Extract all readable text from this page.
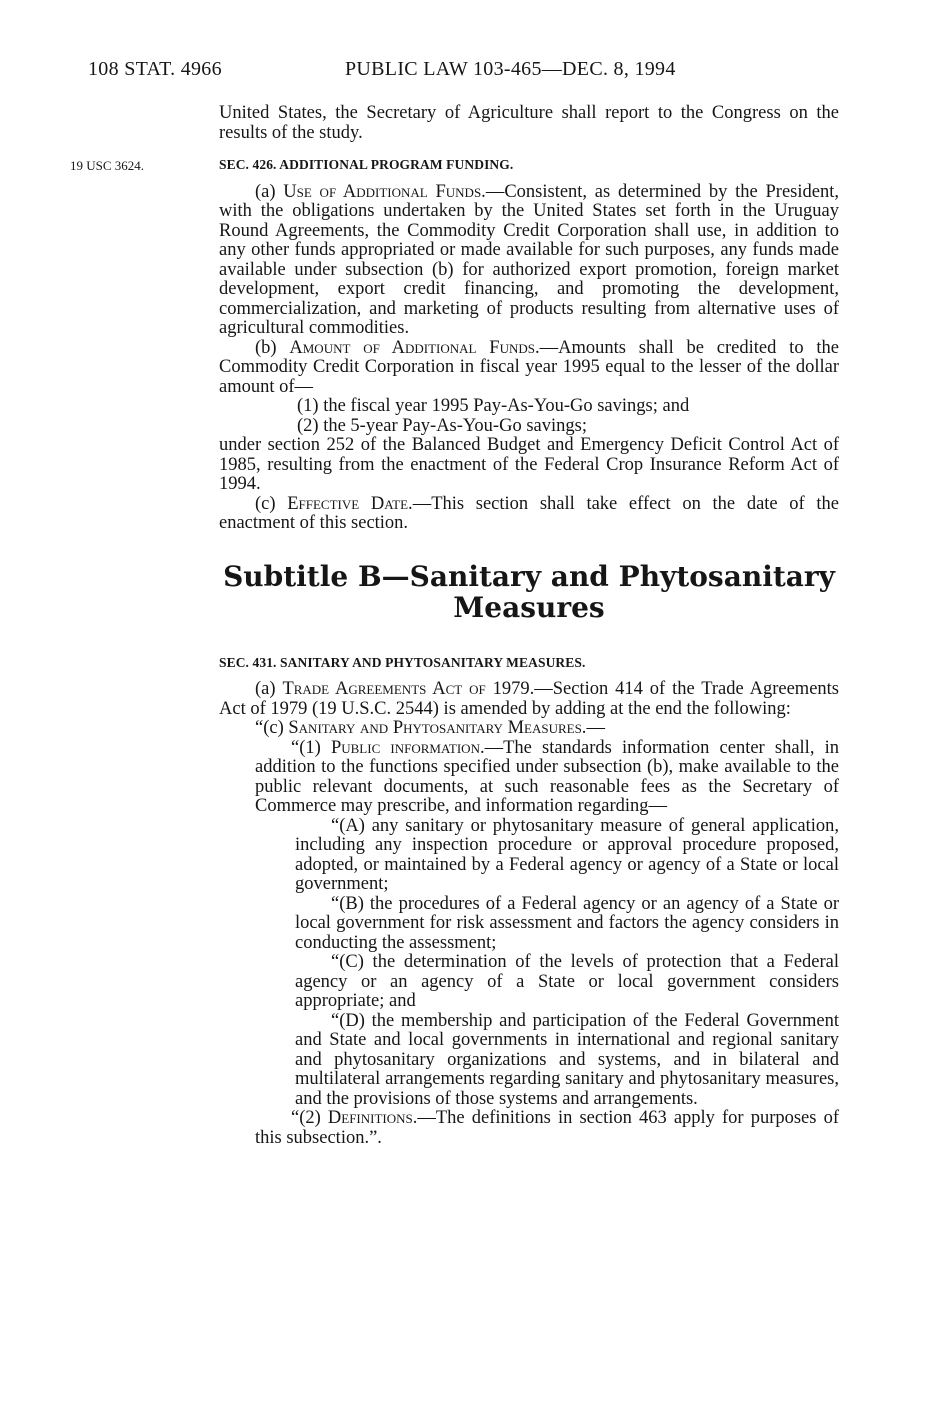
108 STAT. 4966	PUBLIC LAW 103-465—DEC. 8, 1994
19 USC 3624.

United States, the Secretary of Agriculture shall report to the Congress on the results of the study.

SEC. 426. ADDITIONAL PROGRAM FUNDING.

(a) Use of Additional Funds.—Consistent, as determined by the President, with the obligations undertaken by the United States set forth in the Uruguay Round Agreements, the Commodity Credit Corporation shall use, in addition to any other funds appropriated or made available for such purposes, any funds made available under subsection (b) for authorized export promotion, foreign market development, export credit financing, and promoting the development, commercialization, and marketing of products resulting from alternative uses of agricultural commodities.

(b) Amount of Additional Funds.—Amounts shall be credited to the Commodity Credit Corporation in fiscal year 1995 equal to the lesser of the dollar amount of—

(1) the fiscal year 1995 Pay-As-You-Go savings; and

(2) the 5-year Pay-As-You-Go savings;

under section 252 of the Balanced Budget and Emergency Deficit Control Act of 1985, resulting from the enactment of the Federal Crop Insurance Reform Act of 1994.

(c) Effective Date.—This section shall take effect on the date of the enactment of this section.

Subtitle B—Sanitary and Phytosanitary Measures

SEC. 431. SANITARY AND PHYTOSANITARY MEASURES.

(a) Trade Agreements Act of 1979.—Section 414 of the Trade Agreements Act of 1979 (19 U.S.C. 2544) is amended by adding at the end the following:

“(c) Sanitary and Phytosanitary Measures.—

“(1) Public information.—The standards information center shall, in addition to the functions specified under subsection (b), make available to the public relevant documents, at such reasonable fees as the Secretary of Commerce may prescribe, and information regarding—

“(A) any sanitary or phytosanitary measure of general application, including any inspection procedure or approval procedure proposed, adopted, or maintained by a Federal agency or agency of a State or local government;

“(B) the procedures of a Federal agency or an agency of a State or local government for risk assessment and factors the agency considers in conducting the assessment;

“(C) the determination of the levels of protection that a Federal agency or an agency of a State or local government considers appropriate; and

“(D) the membership and participation of the Federal Government and State and local governments in international and regional sanitary and phytosanitary organizations and systems, and in bilateral and multilateral arrangements regarding sanitary and phytosanitary measures, and the provisions of those systems and arrangements.

“(2) Definitions.—The definitions in section 463 apply for purposes of this subsection.”.
